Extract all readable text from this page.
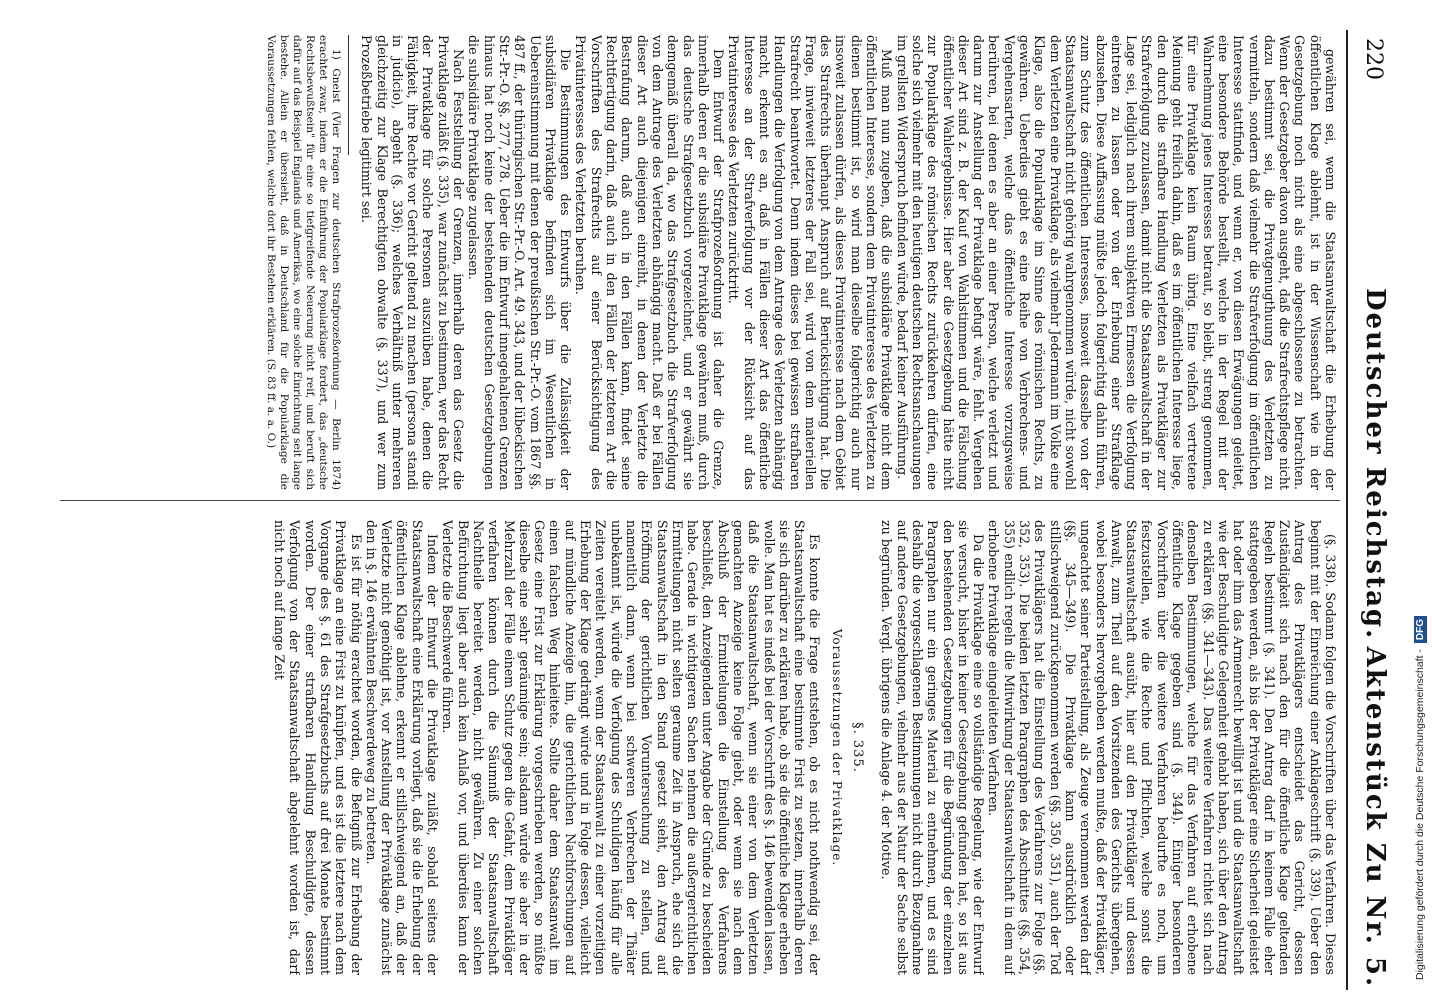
220
Deutscher Reichstag.
Aktenstück Zu Nr. 5.

gewähren sei, wenn die Staatsanwaltschaft die Erhebung der öffentlichen Klage ablehnt, ist in der Wissenschaft wie in der Gesetzgebung noch nicht als eine abgeschlossene zu betrachten. Wenn der Gesetzgeber davon ausgeht, daß die Strafrechtspflege nicht dazu bestimmt sei, die Privatgenugthuung des Verletzten zu vermitteln, sondern daß vielmehr die Strafverfolgung im öffentlichen Interesse stattfinde, und wenn er, von diesen Erwägungen geleitet, eine besondere Behörde bestellt, welche in der Regel mit der Wahrnehmung jenes Interesses betraut, so bleibt, streng genommen, für eine Privatklage kein Raum übrig. Eine vielfach vertretene Meinung geht freilich dahin, daß es im öffentlichen Interesse liege, den durch die strafbare Handlung Verletzten als Privatkläger zur Strafverfolgung zuzulassen, damit nicht die Staatsanwaltschaft in der Lage sei, lediglich nach ihrem subjektiven Ermessen die Verfolgung eintreten zu lassen oder von der Erhebung einer Strafklage abzusehen. Diese Auffassung müßte jedoch folgerichtig dahin führen, zum Schutz des öffentlichen Interesses, insoweit dasselbe von der Staatsanwaltschaft nicht gehörig wahrgenommen würde, nicht sowohl dem Verletzten eine Privatklage, als vielmehr Jedermann im Volke eine Klage, also die Popularklage im Sinne des römischen Rechts, zu gewähren. Ueberdies giebt es eine Reihe von Verbrechens- und Vergehensarten, welche das öffentliche Interesse vorzugsweise berühren, bei denen es aber an einer Person, welche verletzt und darum zur Anstellung der Privatklage befugt wäre, fehlt. Vergehen dieser Art sind z. B. der Kauf von Wahlstimmen und die Fälschung öffentlicher Wahlergebnisse. Hier aber die Gesetzgebung hätte nicht zur Popularklage des römischen Rechts zurückkehren dürfen, eine solche sich vielmehr mit den heutigen deutschen Rechtsanschauungen im grellsten Widerspruch befinden würde, bedarf keiner Ausführung.

Muß man nun zugeben, daß die subsidiäre Privatklage nicht dem öffentlichen Interesse, sondern dem Privatinteresse des Verletzten zu dienen bestimmt ist, so wird man dieselbe folgerichtig auch nur insoweit zulassen dürfen, als dieses Privatinteresse nach dem Gebiet des Strafrechts überhaupt Anspruch auf Berücksichtigung hat. Die Frage, inwieweit letzteres der Fall sei, wird von dem materiellen Strafrecht beantwortet. Denn indem dieses bei gewissen strafbaren Handlungen die Verfolgung von dem Antrage des Verletzten abhängig macht, erkennt es an, daß in Fällen dieser Art das öffentliche Interesse an der Strafverfolgung vor der Rücksicht auf das Privatinteresse des Verletzten zurücktritt.

Dem Entwurf der Strafprozeßordnung ist daher die Grenze, innerhalb deren er die subsidiäre Privatklage gewähren muß, durch das deutsche Strafgesetzbuch vorgezeichnet, und er gewährt sie demgemäß überall da, wo das Strafgesetzbuch die Strafverfolgung von dem Antrage des Verletzten abhängig macht. Daß er bei Fällen dieser Art auch diejenigen einreiht, in denen der Verletzte die Bestrafung darum, daß auch in den Fällen kann, findet seine Rechtfertigung darin, daß auch in den Fällen der letzteren Art die Vorschriften des Strafrechts auf einer Berücksichtigung des Privatinteresses des Verletzten beruhen.

Die Bestimmungen des Entwurfs über die Zulässigkeit der subsidiären Privatklage befinden sich im Wesentlichen in Uebereinstimmung mit denen der preußischen Str.-Pr.-O. vom 1867 §§. 487 ff., der thüringischen Str.-Pr.-O. Art. 49. 343, und der lübeckischen Str.-Pr.-O. §§. 277, 278. Ueber die im Entwurf innegehaltenen Grenzen hinaus hat noch keine der bestehenden deutschen Gesetzgebungen die subsidiäre Privatklage zugelassen.

Nach Feststellung der Grenzen, innerhalb deren das Gesetz die Privatklage zuläßt (§. 335), war zunächst zu bestimmen, wer das Recht der Privatklage für solche Personen auszuüben habe, denen die Fähigkeit, ihre Rechte vor Gericht geltend zu machen (persona standi in judicio), abgeht (§. 336); welches Verhältniß unter mehreren gleichzeitig zur Klage Berechtigten obwalte (§. 337), und wer zum Prozeßbetriebe legitimirt sei.

1) Gneist (Vier Fragen zur deutschen Strafprozeßordnung — Berlin 1874) erachtet zwar, indem er die Einführung der Popularklage fordert, das „deutsche Rechtsbewußtsein" für eine so tiefgreifende Neuerung nicht reif, und beruft sich dafür auf das Beispiel Englands und Amerikas, wo eine solche Einrichtung seit lange bestehe. Allein er übersieht, daß in Deutschland für die Popularklage die Voraussetzungen fehlen, welche dort ihr Bestehen erklären. (S. 83 ff. a. a. O.)

(§. 338). Sodann folgen die Vorschriften über das Verfahren. Dieses beginnt mit der Einreichung einer Anklageschrift (§. 339). Ueber den Antrag des Privatklägers entscheidet das Gericht, dessen Zuständigkeit sich nach den für die öffentliche Klage geltenden Regeln bestimmt (§. 341). Den Antrag darf in keinem Falle eher stattgegeben werden, als bis der Privatkläger eine Sicherheit geleistet hat oder ihm das Armenrecht bewilligt ist und die Staatsanwaltschaft wie der Beschuldigte Gelegenheit gehabt haben, sich über den Antrag zu erklären (§§. 341—343). Das weitere Verfahren richtet sich nach denselben Bestimmungen, welche für das Verfahren auf erhobene öffentliche Klage gegeben sind (§. 344). Einiger besonderen Vorschriften über die weitere Verfahren bedurfte es noch, um festzustellen, wie die Rechte und Pflichten, welche sonst die Staatsanwaltschaft ausübt, hier auf den Privatkläger und dessen Anwalt, zum Theil auf den Vorsitzenden des Gerichts übergehen, wobei besonders hervorgehoben werden mußte, daß der Privatkläger, ungeachtet seiner Parteistellung, als Zeuge vernommen werden darf (§§. 345—349). Die Privatklage kann ausdrücklich oder stillschweigend zurückgenommen werden (§§. 350, 351), auch der Tod des Privatklägers hat die Einstellung des Verfahrens zur Folge (§§. 352, 353). Die beiden letzten Paragraphen des Abschnittes (§§. 354, 355) endlich regeln die Mitwirkung der Staatsanwaltschaft in dem auf erhobene Privatklage eingeleiteten Verfahren.

Da die Privatklage eine so vollständige Regelung, wie der Entwurf sie versucht, bisher in keiner Gesetzgebung gefunden hat, so ist aus den bestehenden Gesetzgebungen für die Begründung der einzelnen Paragraphen nur ein geringes Material zu entnehmen, und es sind deshalb die vorgeschlagenen Bestimmungen nicht durch Bezugnahme auf andere Gesetzgebungen, vielmehr aus der Natur der Sache selbst zu begründen. Vergl. übrigens die Anlage 4. der Motive.

§. 335.
Voraussetzungen der Privatklage.

Es konnte die Frage entstehen, ob es nicht nothwendig sei, der Staatsanwaltschaft eine bestimmte Frist zu setzen, innerhalb deren sie sich darüber zu erklären habe, ob sie die öffentliche Klage erheben wolle. Man hat es indeß bei der Vorschrift des §. 146 bewenden lassen, daß die Staatsanwaltschaft, wenn sie einer von dem Verletzten gemachten Anzeige keine Folge giebt, oder wenn sie nach dem Abschluß der Ermittelungen die Einstellung des Verfahrens beschließt, den Anzeigenden unter Angabe der Gründe zu bescheiden habe. Gerade in wichtigeren Sachen nehmen die außergerichtlichen Ermittelungen nicht selten geraume Zeit in Anspruch, ehe sich die Staatsanwaltschaft in den Stand gesetzt sieht, den Antrag auf Eröffnung der gerichtlichen Voruntersuchung zu stellen, und namentlich dann, wenn bei schweren Verbrechen der Thäter unbekannt ist, würde die Verfolgung des Schuldigen häufig für alle Zeiten vereitelt werden, wenn der Staatsanwalt zu einer vorzeitigen Erhebung der Klage gedrängt würde und in Folge dessen, vielleicht auf mündliche Anzeige hin, die gerichtlichen Nachforschungen auf einen falschen Weg hinleitete. Sollte daher dem Staatsanwalt im Gesetz eine Frist zur Erklärung vorgeschrieben werden, so müßte dieselbe eine sehr geräumige sein; alsdann würde sie aber in der Mehrzahl der Fälle einem Schutz gegen die Gefahr, dem Privatkläger verfahren können durch die Säumniß der Staatsanwaltschaft Nachtheile bereitet werden, nicht gewähren. Zu einer solchen Befürchtung liegt aber auch kein Anlaß vor, und überdies kann der Verletzte die Beschwerde führen.

Indem der Entwurf die Privatklage zuläßt, sobald seitens der Staatsanwaltschaft eine Erklärung vorliegt, daß sie die Erhebung der öffentlichen Klage ablehne, erkennt er stillschweigend an, daß der Verletzte nicht genöthigt ist, vor Anstellung der Privatklage zunächst den in §. 146 erwähnten Beschwerdeweg zu betreten.

Es ist für nöthig erachtet worden, die Befugniß zur Erhebung der Privatklage an eine Frist zu knüpfen, und es ist die letztere nach dem Vorgange des §. 61 des Strafgesetzbuchs auf drei Monate bestimmt worden. Der einer strafbaren Handlung Beschuldigte, dessen Verfolgung von der Staatsanwaltschaft abgelehnt worden ist, darf nicht noch auf lange Zeit

Digitalisierung gefördert durch die Deutsche Forschungsgemeinschaft -DFG
